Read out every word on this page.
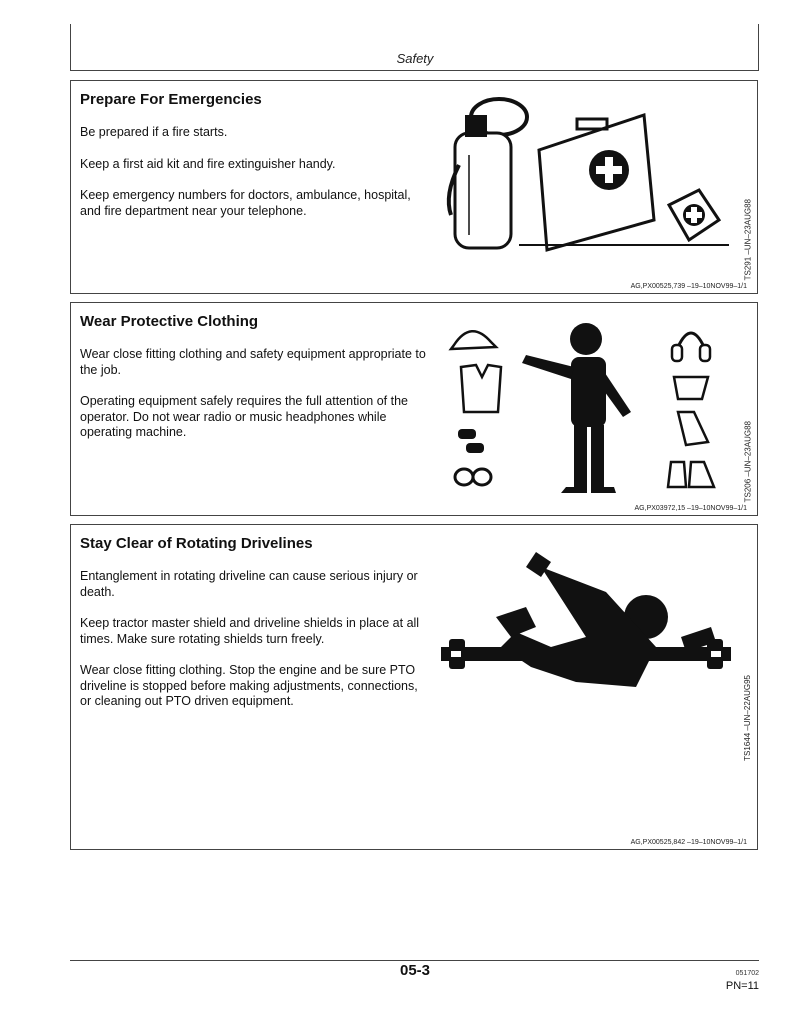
Safety
Prepare For Emergencies

Be prepared if a fire starts.

Keep a first aid kit and fire extinguisher handy.

Keep emergency numbers for doctors, ambulance, hospital, and fire department near your telephone.	TS291 –UN–23AUG88
AG,PX00525,739 –19–10NOV99–1/1
Wear Protective Clothing

Wear close fitting clothing and safety equipment appropriate to the job.

Operating equipment safely requires the full attention of the operator. Do not wear radio or music headphones while operating machine.	TS206 –UN–23AUG88
AG,PX03972,15 –19–10NOV99–1/1
Stay Clear of Rotating Drivelines

Entanglement in rotating driveline can cause serious injury or death.

Keep tractor master shield and driveline shields in place at all times. Make sure rotating shields turn freely.

Wear close fitting clothing. Stop the engine and be sure PTO driveline is stopped before making adjustments, connections, or cleaning out PTO driven equipment.	TS1644 –UN–22AUG95
AG,PX00525,842 –19–10NOV99–1/1
05-3	051702
PN=11
